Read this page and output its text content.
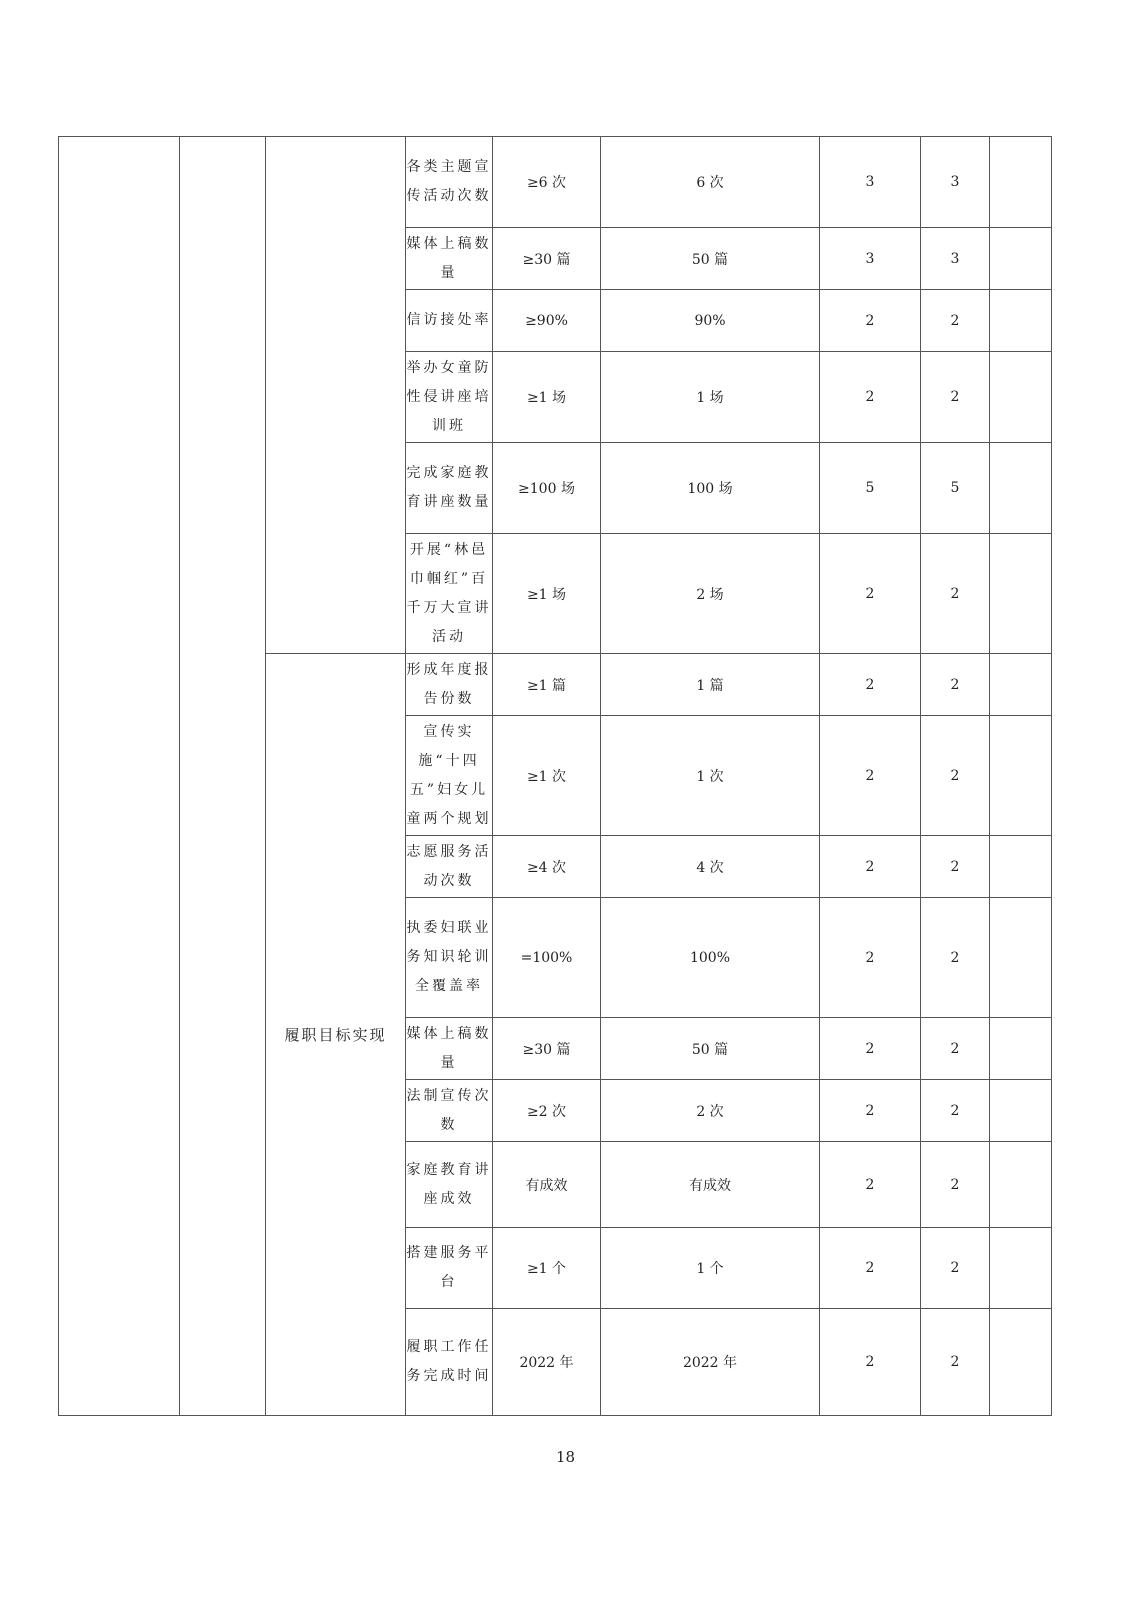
			各类主题宣传活动次数	≥6 次	6 次	3	3	
			媒体上稿数量	≥30 篇	50 篇	3	3	
			信访接处率	≥90%	90%	2	2	
			举办女童防性侵讲座培训班	≥1 场	1 场	2	2	
			完成家庭教育讲座数量	≥100 场	100 场	5	5	
			开展“林邑巾帼红”百千万大宣讲活动	≥1 场	2 场	2	2	
		履职目标实现	形成年度报告份数	≥1 篇	1 篇	2	2	
			宣传实施“十四五”妇女儿童两个规划	≥1 次	1 次	2	2	
			志愿服务活动次数	≥4 次	4 次	2	2	
			执委妇联业务知识轮训全覆盖率	=100%	100%	2	2	
			媒体上稿数量	≥30 篇	50 篇	2	2	
			法制宣传次数	≥2 次	2 次	2	2	
			家庭教育讲座成效	有成效	有成效	2	2	
			搭建服务平台	≥1 个	1 个	2	2	
			履职工作任务完成时间	2022 年	2022 年	2	2	
18
